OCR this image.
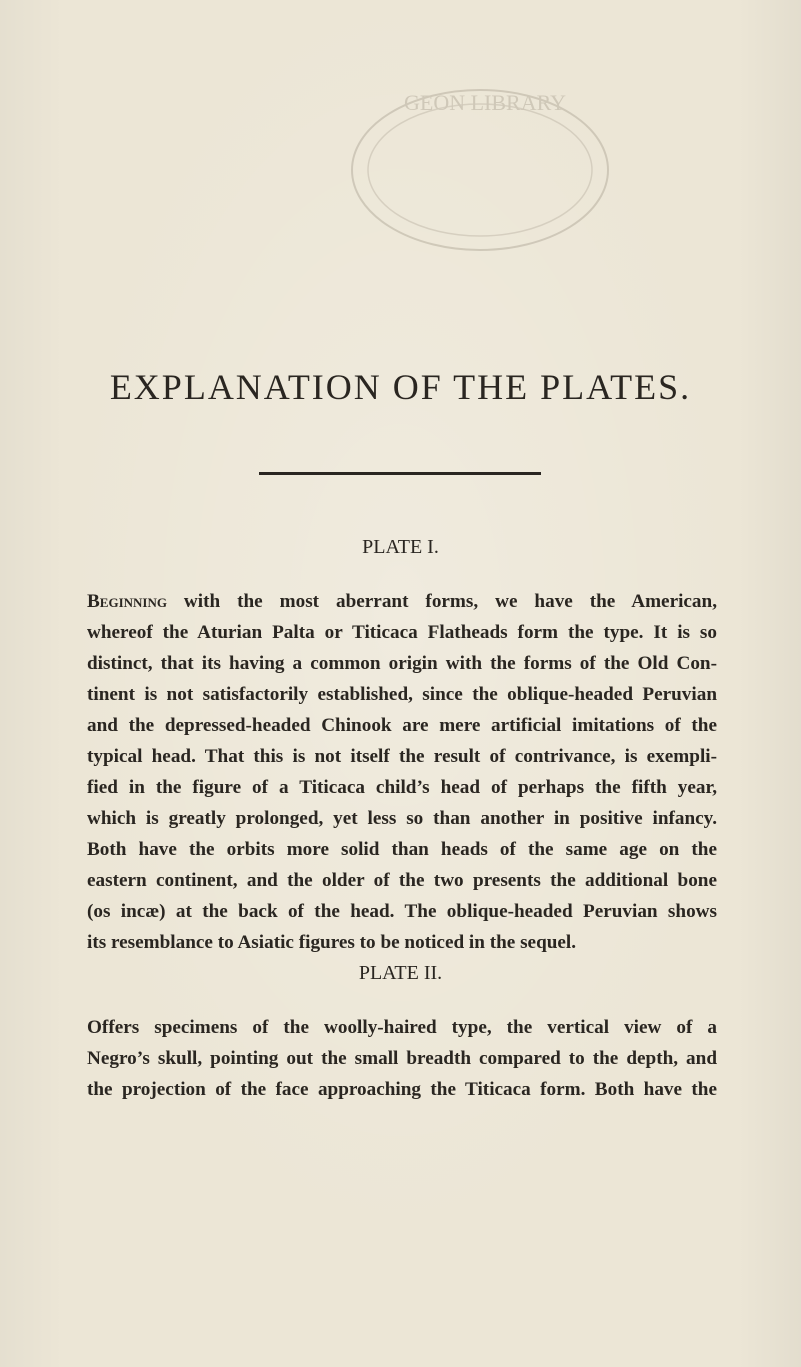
GEON LIBRARY
EXPLANATION OF THE PLATES.
PLATE I.

Beginning with the most aberrant forms, we have the American,
whereof the Aturian Palta or Titicaca Flatheads form the type. It is so
distinct, that its having a common origin with the forms of the Old Con-
tinent is not satisfactorily established, since the oblique-headed Peruvian
and the depressed-headed Chinook are mere artificial imitations of the
typical head. That this is not itself the result of contrivance, is exempli-
fied in the figure of a Titicaca child’s head of perhaps the fifth year,
which is greatly prolonged, yet less so than another in positive infancy.
Both have the orbits more solid than heads of the same age on the
eastern continent, and the older of the two presents the additional bone
(os incæ) at the back of the head. The oblique-headed Peruvian shows
its resemblance to Asiatic figures to be noticed in the sequel.

PLATE II.

Offers specimens of the woolly-haired type, the vertical view of a
Negro’s skull, pointing out the small breadth compared to the depth, and
the projection of the face approaching the Titicaca form. Both have the
